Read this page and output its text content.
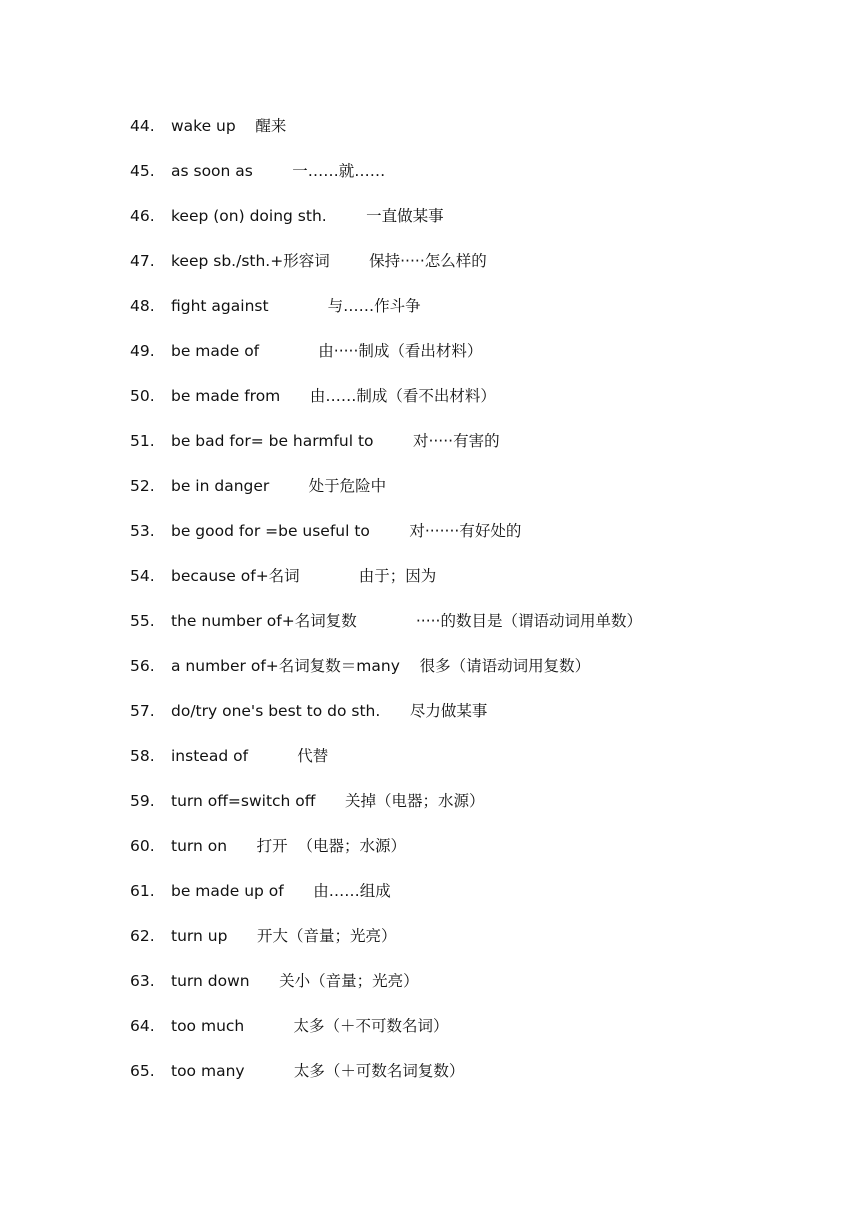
44. wake up    醒来
45. as soon as        一……就……
46. keep (on) doing sth.        一直做某事
47. keep sb./sth.+形容词        保持·····怎么样的
48. fight against            与……作斗争
49. be made of            由·····制成（看出材料）
50. be made from      由……制成（看不出材料）
51. be bad for= be harmful to        对·····有害的
52. be in danger        处于危险中
53. be good for =be useful to        对·······有好处的
54. because of+名词            由于；因为
55. the number of+名词复数            ·····的数目是（谓语动词用单数）
56. a number of+名词复数＝many    很多（请语动词用复数）
57. do/try one's best to do sth.      尽力做某事
58. instead of          代替
59. turn off=switch off      关掉（电器；水源）
60. turn on      打开  （电器；水源）
61. be made up of      由……组成
62. turn up      开大（音量；光亮）
63. turn down      关小（音量；光亮）
64. too much          太多（＋不可数名词）
65. too many          太多（＋可数名词复数）
